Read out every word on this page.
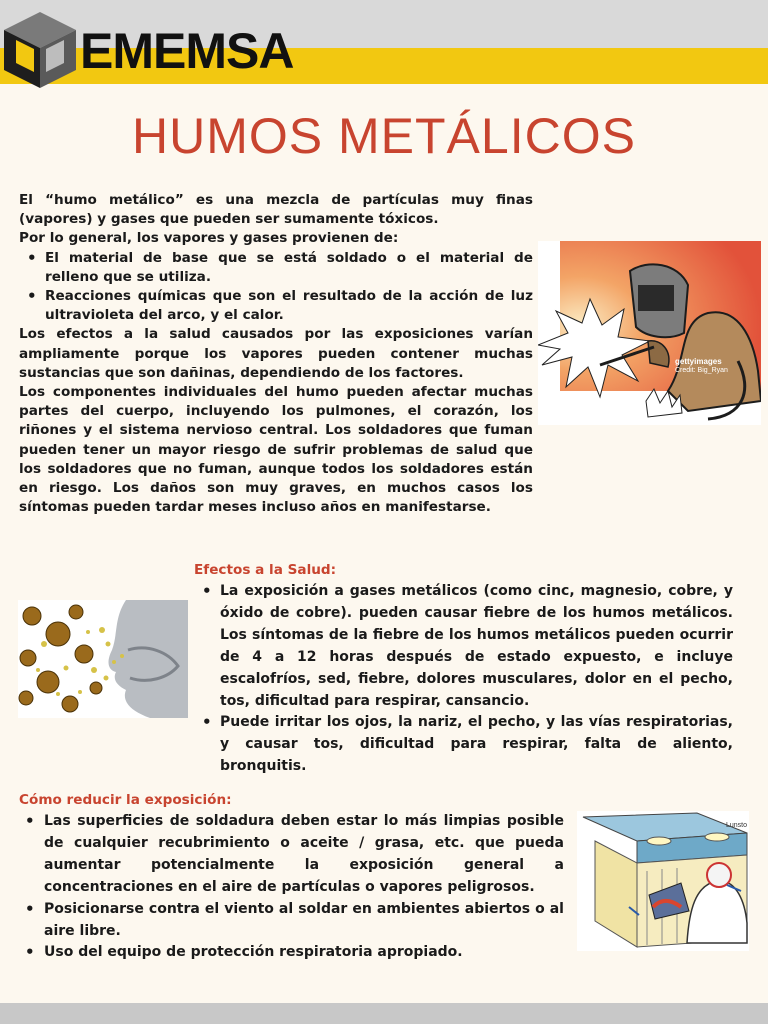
EMEMSA
HUMOS METÁLICOS

El “humo metálico” es una mezcla de partículas muy finas (vapores) y gases que pueden ser sumamente tóxicos.

Por lo general, los vapores y gases provienen de:

• El material de base que se está soldado o el material de relleno que se utiliza.
• Reacciones químicas que son el resultado de la acción de luz ultravioleta del arco, y el calor.

Los efectos a la salud causados por las exposiciones varían ampliamente porque los vapores pueden contener muchas sustancias que son dañinas, dependiendo de los factores.

Los componentes individuales del humo pueden afectar muchas partes del cuerpo, incluyendo los pulmones, el corazón, los riñones y el sistema nervioso central. Los soldadores que fuman pueden tener un mayor riesgo de sufrir problemas de salud que los soldadores que no fuman, aunque todos los soldadores están en riesgo. Los daños son muy graves, en muchos casos los síntomas pueden tardar meses incluso años en manifestarse.

gettyimages
Credit: Big_Ryan
Efectos a la Salud:
• La exposición a gases metálicos (como cinc, magnesio, cobre, y óxido de cobre). pueden causar fiebre de los humos metálicos. Los síntomas de la fiebre de los humos metálicos pueden ocurrir de 4 a 12 horas después de estado expuesto, e incluye escalofríos, sed, fiebre, dolores musculares, dolor en el pecho, tos, dificultad para respirar, cansancio.
• Puede irritar los ojos, la nariz, el pecho, y las vías respiratorias, y causar tos, dificultad para respirar, falta de aliento, bronquitis.
Cómo reducir la exposición:
• Las superficies de soldadura deben estar lo más limpias posible de cualquier recubrimiento o aceite / grasa, etc. que pueda aumentar potencialmente la exposición general a concentraciones en el aire de partículas o vapores peligrosos.
• Posicionarse contra el viento al soldar en ambientes abiertos o al aire libre.
• Uso del equipo de protección respiratoria apropiado.
Lunsto
